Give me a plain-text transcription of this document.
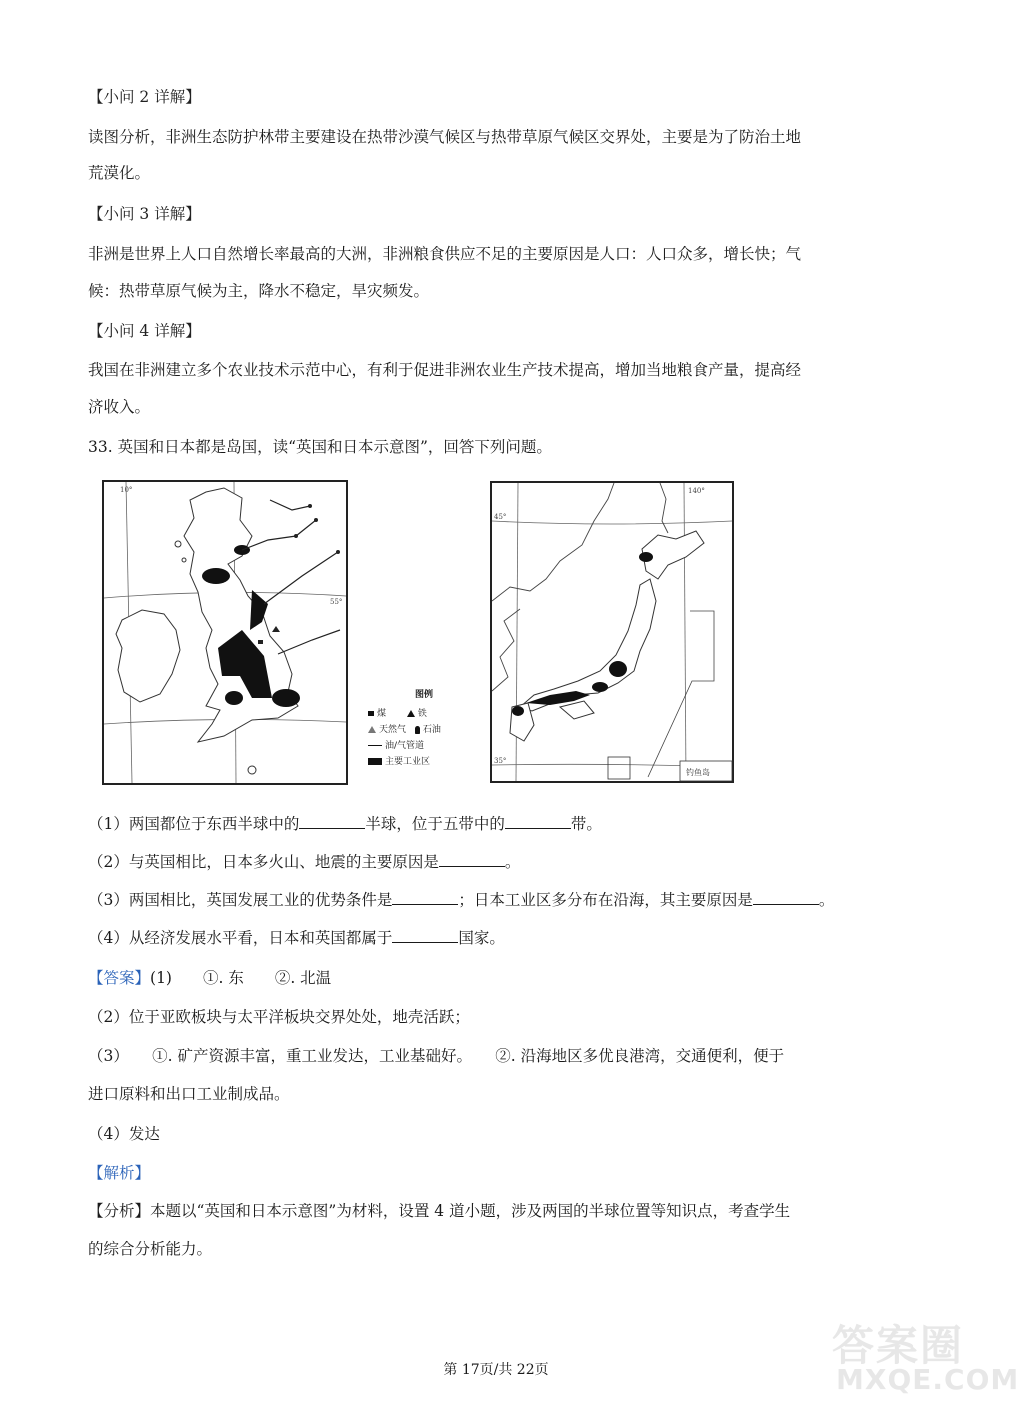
【小问 2 详解】
读图分析，非洲生态防护林带主要建设在热带沙漠气候区与热带草原气候区交界处，主要是为了防治土地
荒漠化。
【小问 3 详解】
非洲是世界上人口自然增长率最高的大洲，非洲粮食供应不足的主要原因是人口：人口众多，增长快；气
候：热带草原气候为主，降水不稳定，旱灾频发。
【小问 4 详解】
我国在非洲建立多个农业技术示范中心，有利于促进非洲农业生产技术提高，增加当地粮食产量，提高经
济收入。
33. 英国和日本都是岛国，读“英国和日本示意图”，回答下列问题。
10°
55°
图例
煤	铁
天然气 石油
油/气管道
主要工业区
140°
45°
35°
钓鱼岛
（1）两国都位于东西半球中的	半球，位于五带中的	带。
（2）与英国相比，日本多火山、地震的主要原因是	。
（3）两国相比，英国发展工业的优势条件是	；日本工业区多分布在沿海，其主要原因是	。
（4）从经济发展水平看，日本和英国都属于	国家。
【答案】(1)　　①. 东　　②. 北温
（2）位于亚欧板块与太平洋板块交界处处，地壳活跃；
（3）　　①. 矿产资源丰富，重工业发达，工业基础好。　　②. 沿海地区多优良港湾，交通便利，便于
进口原料和出口工业制成品。
（4）发达
【解析】
【分析】本题以“英国和日本示意图”为材料，设置 4 道小题，涉及两国的半球位置等知识点，考查学生
的综合分析能力。
第 17页/共 22页	答案圈
MXQE.COM
